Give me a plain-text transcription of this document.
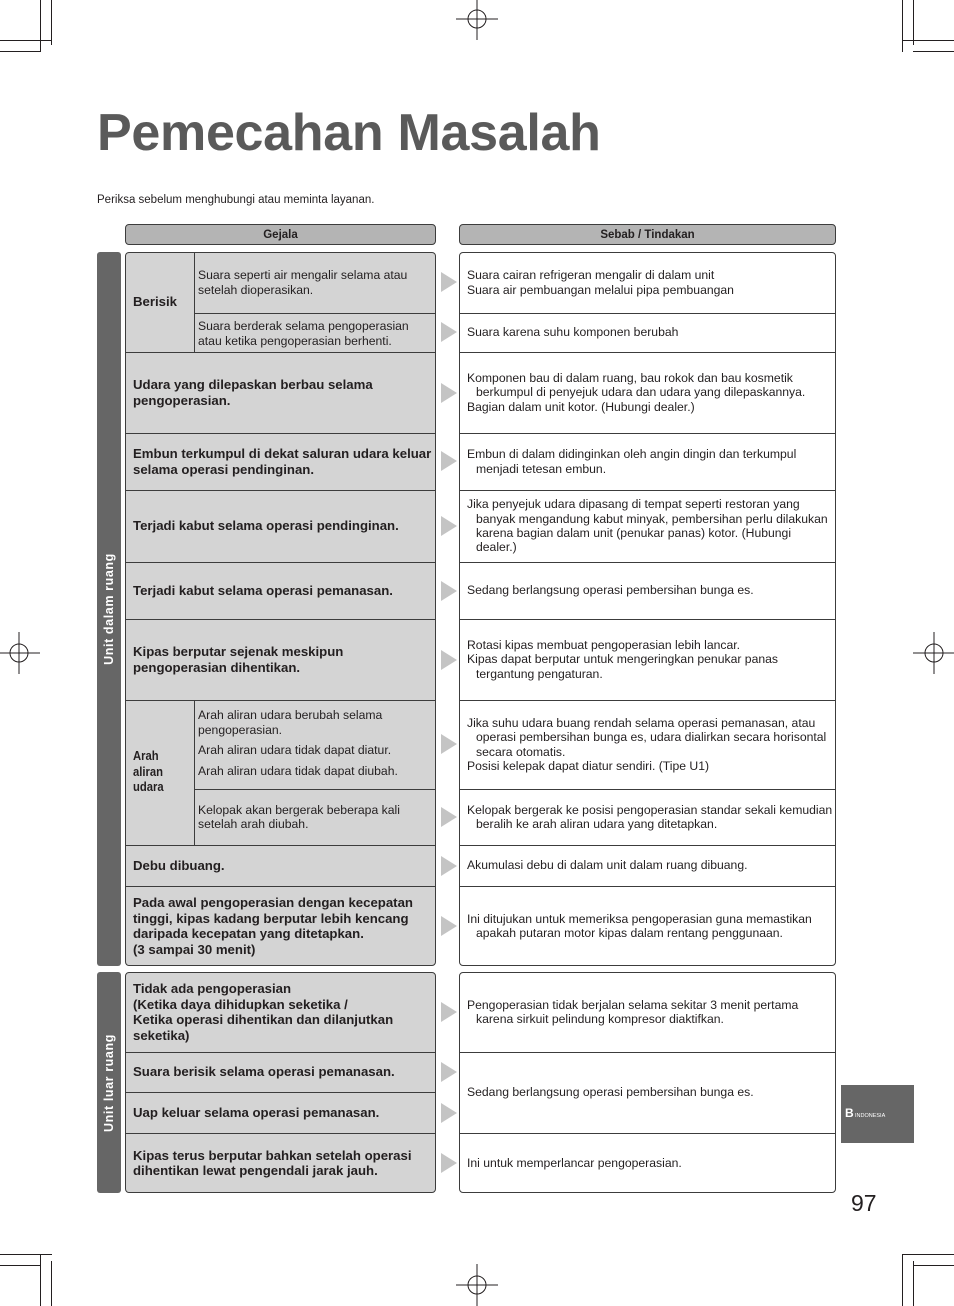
Pemecahan Masalah
Periksa sebelum menghubungi atau meminta layanan.
Gejala	Sebab / Tindakan
Unit dalam ruang
Unit luar ruang
Berisik
Suara seperti air mengalir selama atau setelah dioperasikan.
Suara berderak selama pengoperasian atau ketika pengoperasian berhenti.
Udara yang dilepaskan berbau selama pengoperasian.
Embun terkumpul di dekat saluran udara keluar selama operasi pendinginan.
Terjadi kabut selama operasi pendinginan.
Terjadi kabut selama operasi pemanasan.
Kipas berputar sejenak meskipun pengoperasian dihentikan.
Arah
aliran
udara
Arah aliran udara berubah selama pengoperasian.
Arah aliran udara tidak dapat diatur.
Arah aliran udara tidak dapat diubah.
Kelopak akan bergerak beberapa kali setelah arah diubah.
Debu dibuang.
Pada awal pengoperasian dengan kecepatan tinggi, kipas kadang berputar lebih kencang daripada kecepatan yang ditetapkan.
(3 sampai 30 menit)
Suara cairan refrigeran mengalir di dalam unit
Suara air pembuangan melalui pipa pembuangan
Suara karena suhu komponen berubah
Komponen bau di dalam ruang, bau rokok dan bau kosmetik berkumpul di penyejuk udara dan udara yang dilepaskannya.
Bagian dalam unit kotor. (Hubungi dealer.)
Embun di dalam didinginkan oleh angin dingin dan terkumpul menjadi tetesan embun.
Jika penyejuk udara dipasang di tempat seperti restoran yang banyak mengandung kabut minyak, pembersihan perlu dilakukan karena bagian dalam unit (penukar panas) kotor. (Hubungi dealer.)
Sedang berlangsung operasi pembersihan bunga es.
Rotasi kipas membuat pengoperasian lebih lancar.
Kipas dapat berputar untuk mengeringkan penukar panas tergantung pengaturan.
Jika suhu udara buang rendah selama operasi pemanasan, atau operasi pembersihan bunga es, udara dialirkan secara horisontal secara otomatis.
Posisi kelepak dapat diatur sendiri. (Tipe U1)
Kelopak bergerak ke posisi pengoperasian standar sekali kemudian beralih ke arah aliran udara yang ditetapkan.
Akumulasi debu di dalam unit dalam ruang dibuang.
Ini ditujukan untuk memeriksa pengoperasian guna memastikan apakah putaran motor kipas dalam rentang penggunaan.
Tidak ada pengoperasian
(Ketika daya dihidupkan seketika /
Ketika operasi dihentikan dan dilanjutkan seketika)
Suara berisik selama operasi pemanasan.
Uap keluar selama operasi pemanasan.
Kipas terus berputar bahkan setelah operasi dihentikan lewat pengendali jarak jauh.
Pengoperasian tidak berjalan selama sekitar 3 menit pertama karena sirkuit pelindung kompresor diaktifkan.
Sedang berlangsung operasi pembersihan bunga es.
Ini untuk memperlancar pengoperasian.
B INDONESIA
97
